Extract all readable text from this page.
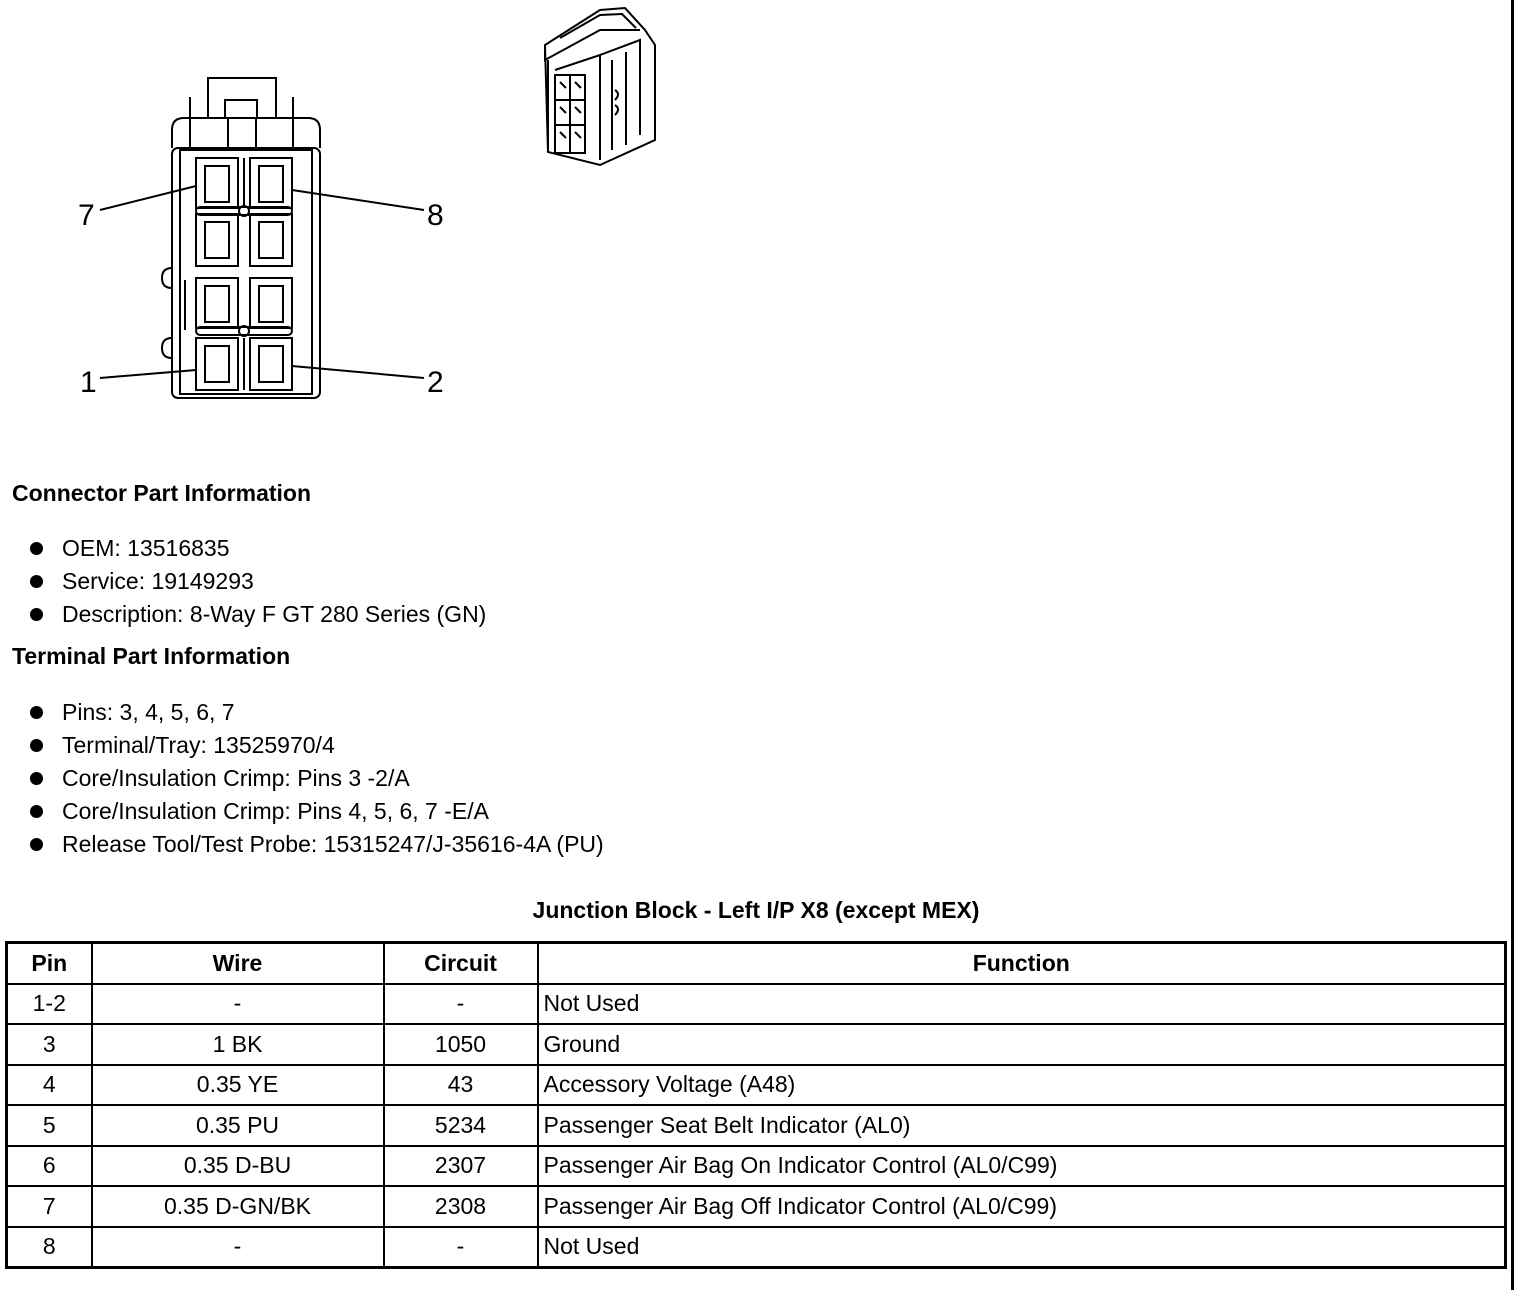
7	8
1	2
Connector Part Information
OEM: 13516835
Service: 19149293
Description: 8-Way F GT 280 Series (GN)
Terminal Part Information
Pins: 3, 4, 5, 6, 7
Terminal/Tray: 13525970/4
Core/Insulation Crimp: Pins 3 -2/A
Core/Insulation Crimp: Pins 4, 5, 6, 7 -E/A
Release Tool/Test Probe: 15315247/J-35616-4A (PU)
Junction Block - Left I/P X8 (except MEX)
Pin	Wire	Circuit	Function
1-2	-	-	Not Used
3	1 BK	1050	Ground
4	0.35 YE	43	Accessory Voltage (A48)
5	0.35 PU	5234	Passenger Seat Belt Indicator (AL0)
6	0.35 D-BU	2307	Passenger Air Bag On Indicator Control (AL0/C99)
7	0.35 D-GN/BK	2308	Passenger Air Bag Off Indicator Control (AL0/C99)
8	-	-	Not Used
